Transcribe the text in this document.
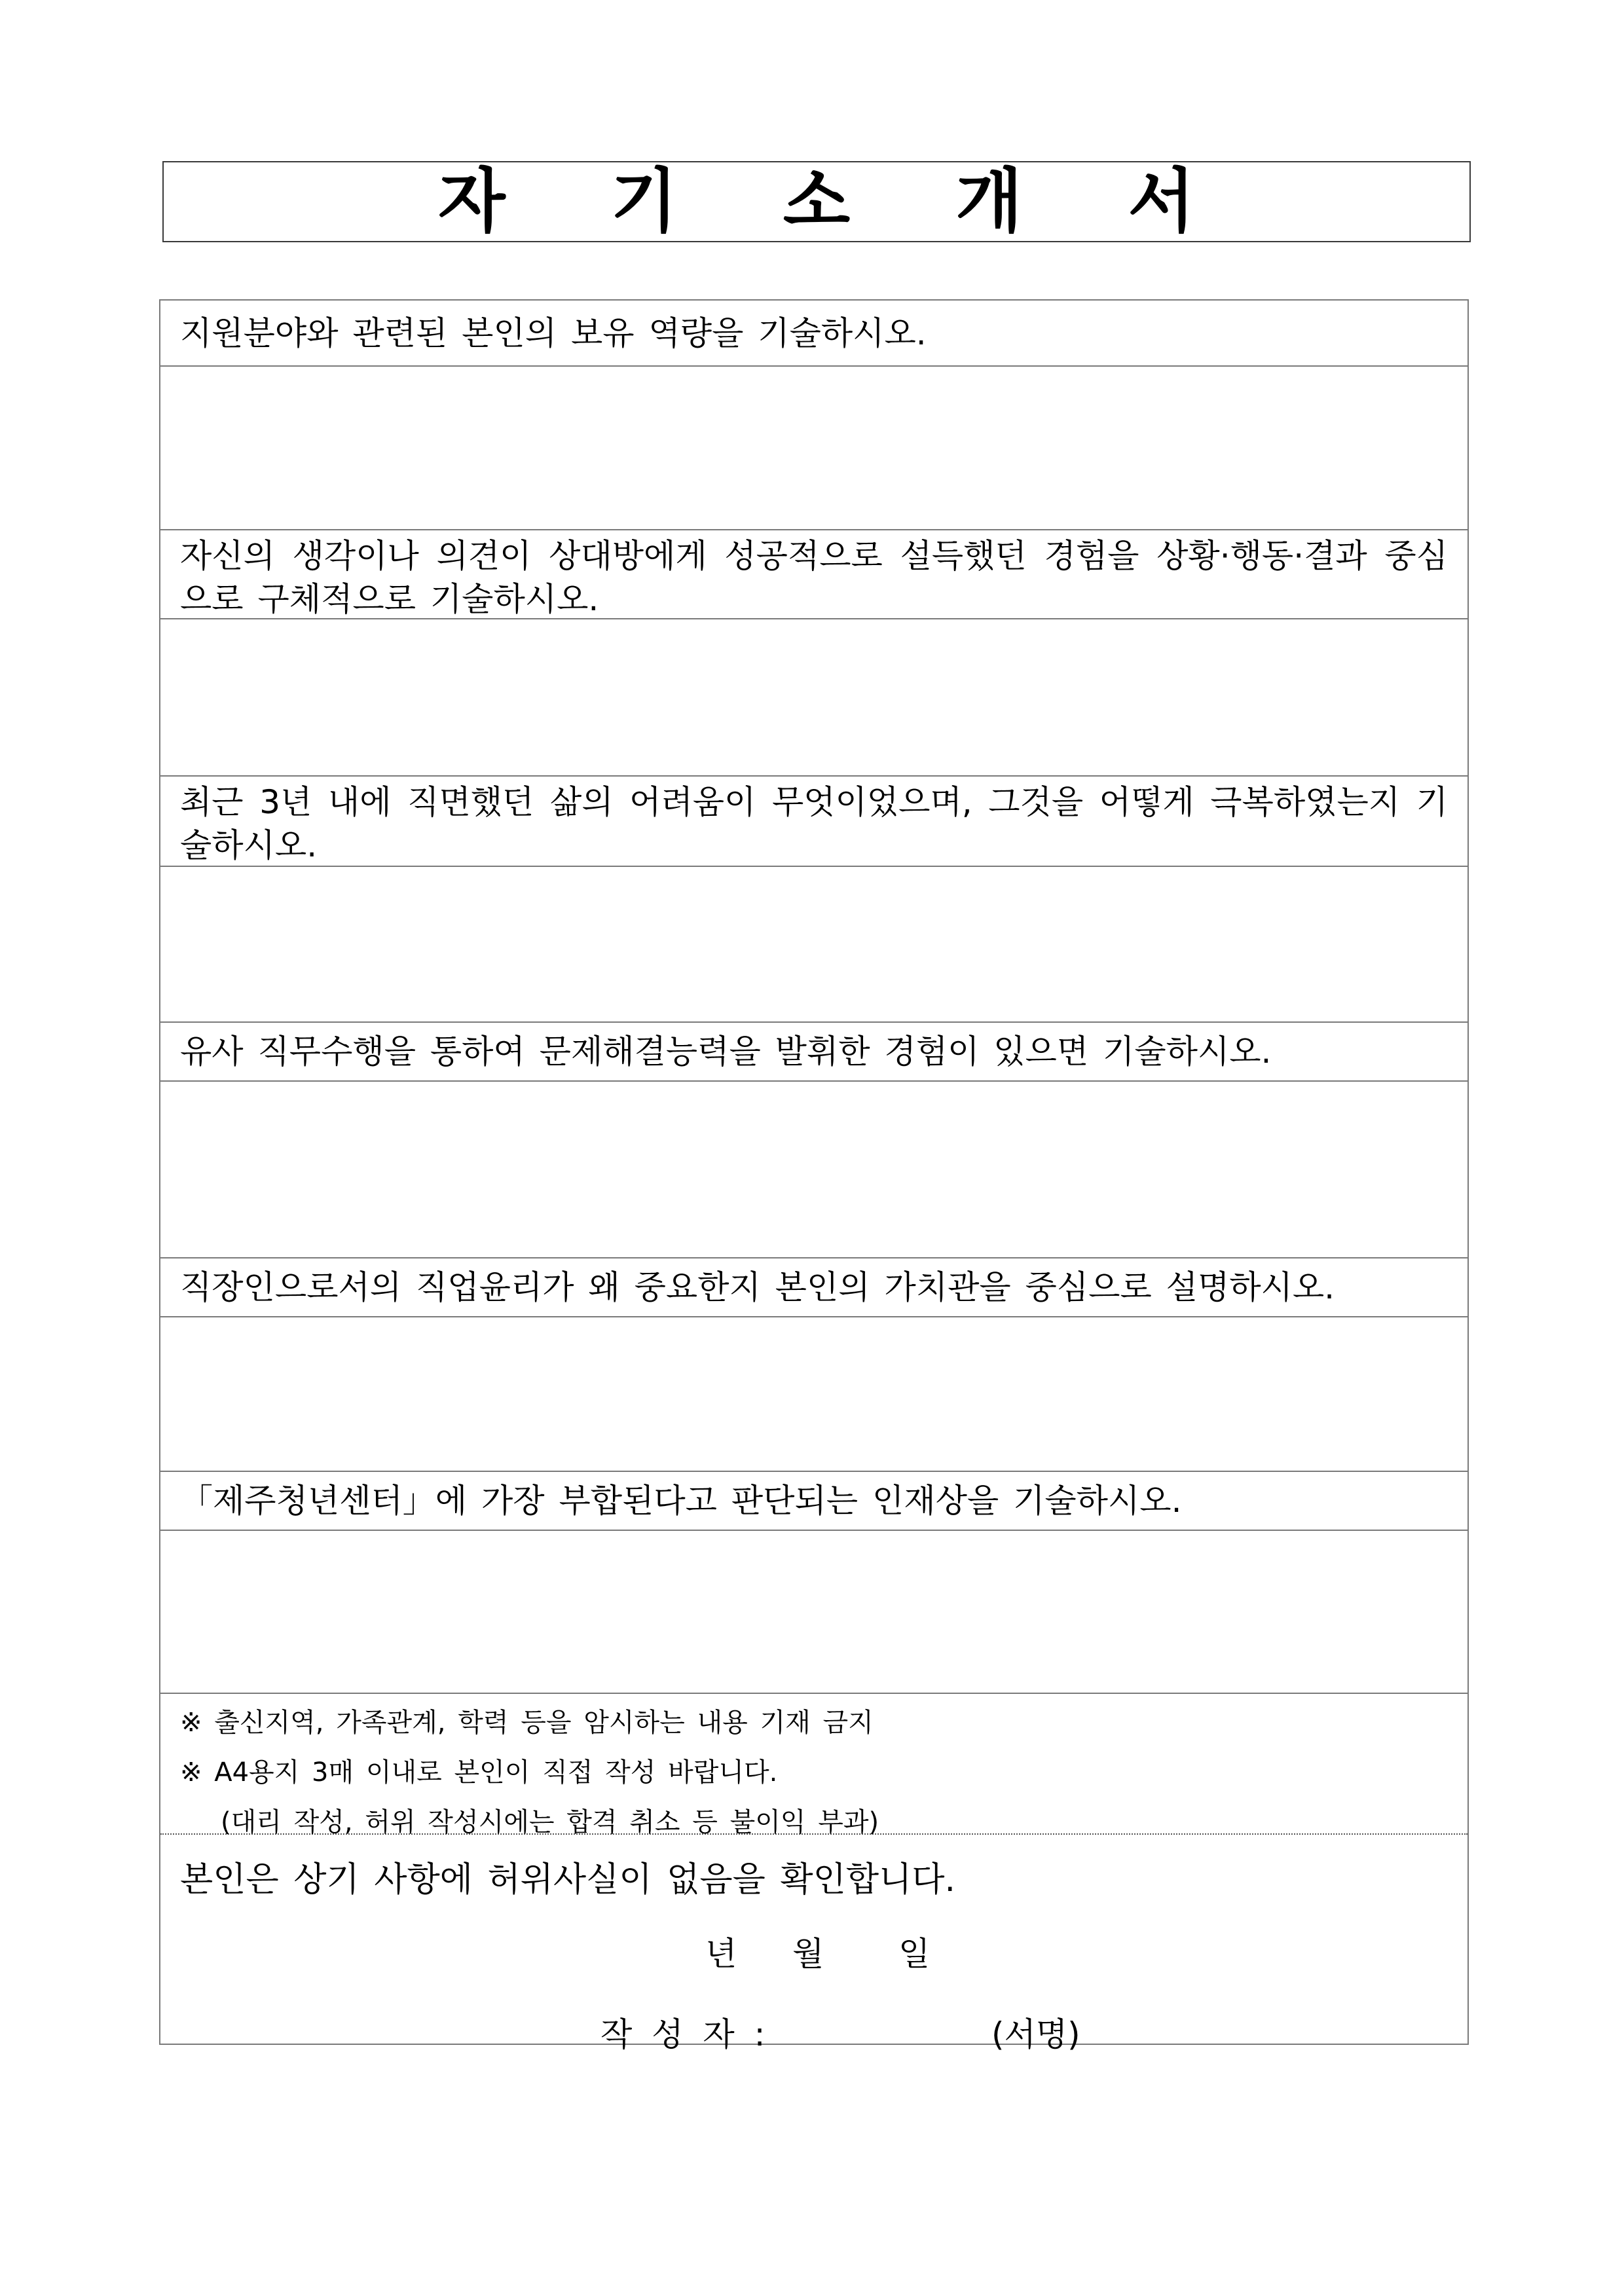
자 기 소 개 서
지원분야와 관련된 본인의 보유 역량을 기술하시오.
자신의 생각이나 의견이 상대방에게 성공적으로 설득했던 경험을 상황·행동·결과 중심으로 구체적으로 기술하시오.
최근 3년 내에 직면했던 삶의 어려움이 무엇이었으며, 그것을 어떻게 극복하였는지 기술하시오.
유사 직무수행을 통하여 문제해결능력을 발휘한 경험이 있으면 기술하시오.
직장인으로서의 직업윤리가 왜 중요한지 본인의 가치관을 중심으로 설명하시오.
「제주청년센터」에 가장 부합된다고 판단되는 인재상을 기술하시오.
※ 출신지역, 가족관계, 학력 등을 암시하는 내용 기재 금지
※ A4용지 3매 이내로 본인이 직접 작성 바랍니다.
(대리 작성, 허위 작성시에는 합격 취소 등 불이익 부과)
본인은 상기 사항에 허위사실이 없음을 확인합니다.
년 월 일
작 성 자 :	(서명)
